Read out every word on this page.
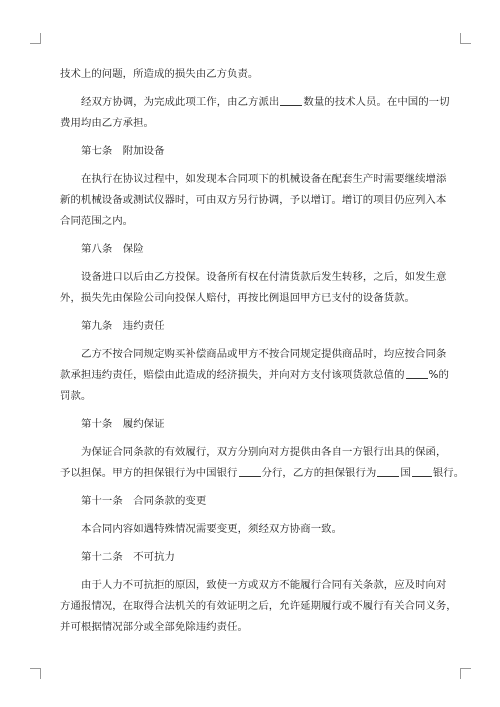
技术上的问题，所造成的损失由乙方负责。
经双方协调，为完成此项工作，由乙方派出 数量的技术人员。在中国的一切
费用均由乙方承担。
第七条　附加设备
在执行在协议过程中，如发现本合同项下的机械设备在配套生产时需要继续增添
新的机械设备或测试仪器时，可由双方另行协调，予以增订。增订的项目仍应列入本
合同范围之内。
第八条　保险
设备进口以后由乙方投保。设备所有权在付清货款后发生转移，之后，如发生意
外，损失先由保险公司向投保人赔付，再按比例退回甲方已支付的设备货款。
第九条　违约责任
乙方不按合同规定购买补偿商品或甲方不按合同规定提供商品时，均应按合同条
款承担违约责任，赔偿由此造成的经济损失，并向对方支付该项货款总值的 %的
罚款。
第十条　履约保证
为保证合同条款的有效履行，双方分别向对方提供由各自一方银行出具的保函，
予以担保。甲方的担保银行为中国银行 分行，乙方的担保银行为 国 银行。
第十一条　合同条款的变更
本合同内容如遇特殊情况需要变更，须经双方协商一致。
第十二条　不可抗力
由于人力不可抗拒的原因，致使一方或双方不能履行合同有关条款，应及时向对
方通报情况，在取得合法机关的有效证明之后，允许延期履行或不履行有关合同义务，
并可根据情况部分或全部免除违约责任。
